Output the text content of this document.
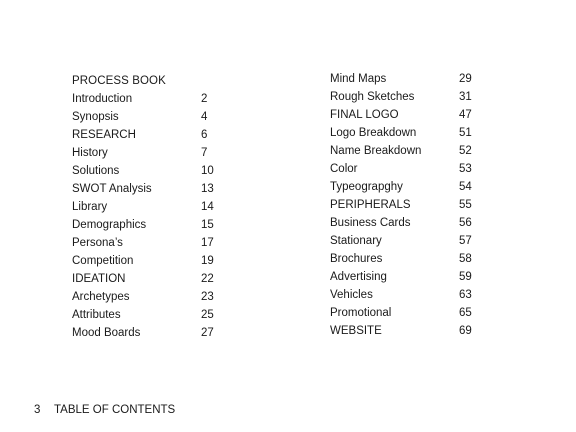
PROCESS BOOK
Introduction	2
Synopsis	4
RESEARCH	6
History	7
Solutions	10
SWOT Analysis	13
Library	14
Demographics	15
Persona’s	17
Competition	19
IDEATION	22
Archetypes	23
Attributes	25
Mood Boards	27
Mind Maps	29
Rough Sketches	31
FINAL LOGO	47
Logo Breakdown	51
Name Breakdown	52
Color	53
Typeograpghy	54
PERIPHERALS	55
Business Cards	56
Stationary	57
Brochures	58
Advertising	59
Vehicles	63
Promotional	65
WEBSITE	69
3 TABLE OF CONTENTS
